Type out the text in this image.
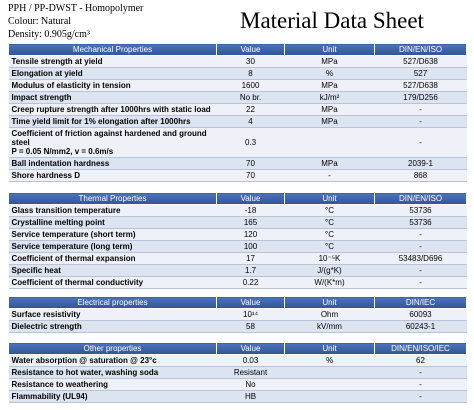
PPH / PP-DWST - Homopolymer
Colour: Natural
Density: 0.905g/cm³
Material Data Sheet
Mechanical Properties	Value	Unit	DIN/EN/ISO
Tensile strength at yield	30	MPa	527/D638
Elongation at yield	8	%	527
Modulus of elasticity in tension	1600	MPa	527/D638
Impact strength	No br.	kJ/m²	179/D256
Creep rupture strength after 1000hrs with static load	22	MPa	-
Time yield limit for 1% elongation after 1000hrs	4	MPa	-
Coefficient of friction against hardened and ground steel
P = 0.05 N/mm2, v = 0.6m/s	0.3		-
Ball indentation hardness	70	MPa	2039-1
Shore hardness D	70	-	868
Thermal Properties	Value	Unit	DIN/EN/ISO
Glass transition temperature	-18	°C	53736
Crystalline melting point	165	°C	53736
Service temperature (short term)	120	°C	-
Service temperature (long term)	100	°C	-
Coefficient of thermal expansion	17	10⁻⁵K	53483/D696
Specific heat	1.7	J/(g*K)	-
Coefficient of thermal conductivity	0.22	W/(K*m)	-
Electrical properties	Value	Unit	DIN/IEC
Surface resistivity	10¹⁴	Ohm	60093
Dielectric strength	58	kV/mm	60243-1
Other properties	Value	Unit	DIN/EN/ISO/IEC
Water absorption @ saturation @ 23°c	0.03	%	62
Resistance to hot water, washing soda	Resistant		-
Resistance to weathering	No		-
Flammability (UL94)	HB		-
